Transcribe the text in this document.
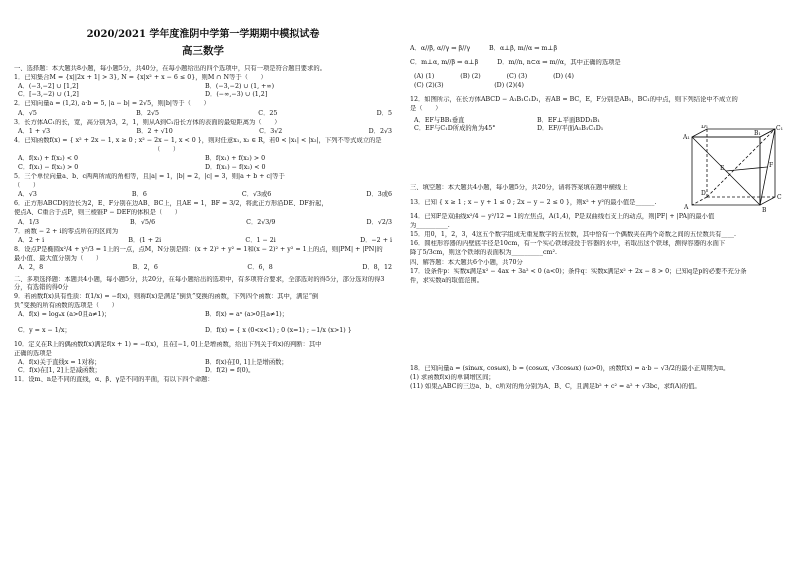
2020/2021 学年度淮阴中学第一学期期中模拟试卷
高三数学
一、选择题：本大题共8小题，每小题5分，共40分，在每小题给出的四个选项中，只有一项是符合题目要求的。
1．已知集合M = {x||2x + 1| > 3}, N = {x|x² + x − 6 ≤ 0}，则M ∩ N等于（　　）
A．(−3,−2] ∪ [1,2]	B．(−3,−2) ∪ (1, +∞)
C．[−3,−2) ∪ (1,2]	D．(−∞,−3) ∪ (1,2]
2．已知向量a = (1,2), a·b = 5, |a − b| = 2√5，则|b|等于（　　）
A．√5	B．2√5	C．25	D．5
3．长方体AC₁的长，宽，高分别为3，2，1，则从A到C₁沿长方体的表面的最短距离为（　　）
A．1 + √3	B．2 + √10	C．3√2	D．2√3
4．已知函数f(x) = { x² + 2x − 1, x ≥ 0 ; x² − 2x − 1, x < 0 }，则对任意x₁, x₂ ∈ R，若0 < |x₁| < |x₂|，下列不等式成立的是
（　　）
A．f(x₁) + f(x₂) < 0	B．f(x₁) + f(x₂) > 0
C．f(x₁) − f(x₂) > 0	D．f(x₁) − f(x₂) < 0
5．三个单位向量a、b、c两两所成的角相等，且|a| = 1，|b| = 2，|c| = 3，则|a + b + c|等于
（　　）
A．√3	B．6	C．√3或6	D．3或6
6．正方形ABCD的边长为2，E、F分别在边AB、BC上，且AE = 1，BF = 3/2，将此正方形沿DE、DF折起，
使点A、C重合于点P，则三棱锥P − DEF的体积是（　　）
A．1/3	B．√5/6	C．2√3/9	D．√2/3
7．函数 − 2 + i的零点所在的区间为
A．2 + i	B．(1 + 2i	C．1 − 2i	D．−2 + i
8．设点P是椭圆x²/4 + y²/3 = 1上的一点，点M，N分别是圆：(x + 2)² + y² = 1和(x − 2)² + y² = 1上的点，则|PM| + |PN|的
最小值、最大值分别为（　　）
A．2，8	B．2，6	C．6，8	D．8，12
二、多项选择题：本题共4小题，每小题5分，共20分，在每小题给出的选项中，有多项符合要求，全部选对的得5分，部分选对的得3分，有选错的得0分
9．若函数f(x)具有性质：f(1/x) = −f(x)，则称f(x)是满足“倒负”变换的函数，下列四个函数：其中，满足“倒
负”变换的所有函数的选项是（　　）
A．f(x) = logₐx (a>0且a≠1)；	B．f(x) = aˣ (a>0且a≠1)；
C．y = x − 1/x；	D．f(x) = { x (0<x<1) ; 0 (x=1) ; −1/x (x>1) }
10．定义在R上的偶函数f(x)满足f(x + 1) = −f(x)，且在[−1, 0]上是增函数，给出下列关于f(x)的判断：其中
正确的选项是
A．f(x)关于直线x = 1对称；	B．f(x)在[0, 1]上是增函数；
C．f(x)在[1, 2]上是减函数；	D．f(2) = f(0)。
11．设m、n是不同的直线，α、β、γ是不同的平面，有以下四个命题：
A．α//β, α//γ ⇒ β//γ　　　B．α⊥β, m//α ⇒ m⊥β
C．m⊥α, m//β ⇒ α⊥β　　　D．m//n, n⊂α ⇒ m//α，其中正确的选项是
(A) (1)	(B) (2)	(C) (3)	(D) (4)
(C) (2)(3)	(D) (2)(4)
12．如图所示，在长方体ABCD − A₁B₁C₁D₁，若AB = BC，E，F分别是AB₁，BC₁的中点，则下列结论中不成立的
是（　　）
A．EF与BB₁垂直	B．EF⊥平面BDD₁B₁
C．EF与C₁D所成的角为45°	D．EF//平面A₁B₁C₁D₁
三、填空题：本大题共4小题，每小题5分，共20分，请将答案填在题中横线上
13．已知 { x ≥ 1 ; x − y + 1 ≤ 0 ; 2x − y − 2 ≤ 0 }，则x² + y²的最小值是______.
14．已知F是双曲线x²/4 − y²/12 = 1的左焦点，A(1,4)，P是双曲线右支上的动点，则|PF| + |PA|的最小值
为__________.
15．用0，1，2，3，4这五个数字组成无重复数字的五位数，其中恰有一个偶数夹在两个奇数之间的五位数共有____.
16．圆柱形容器的内壁底半径是10cm，有一个实心铁球浸没于容器的水中，若取出这个铁球，测得容器的水面下
降了5/3cm，则这个铁球的表面积为__________cm².
四、解答题：本大题共6个小题，共70分
17．设条件p：实数x满足x² − 4ax + 3a² < 0 (a<0)；条件q：实数x满足x² + 2x − 8 > 0；已知q是p的必要不充分条
件，求实数a的取值范围。
18．已知向量a = (sinωx, cosωx), b = (cosωx, √3cosωx) (ω>0)，函数f(x) = a·b − √3/2的最小正周期为π。
(1) 求函数f(x)的单调增区间；
(11) 如果△ABC的三边a、b、c所对的角分别为A、B、C，且满足b² + c² = a² + √3bc，求f(A)的值。
D₁	C₁
A₁
B₁
E	F
D
C
A	B
